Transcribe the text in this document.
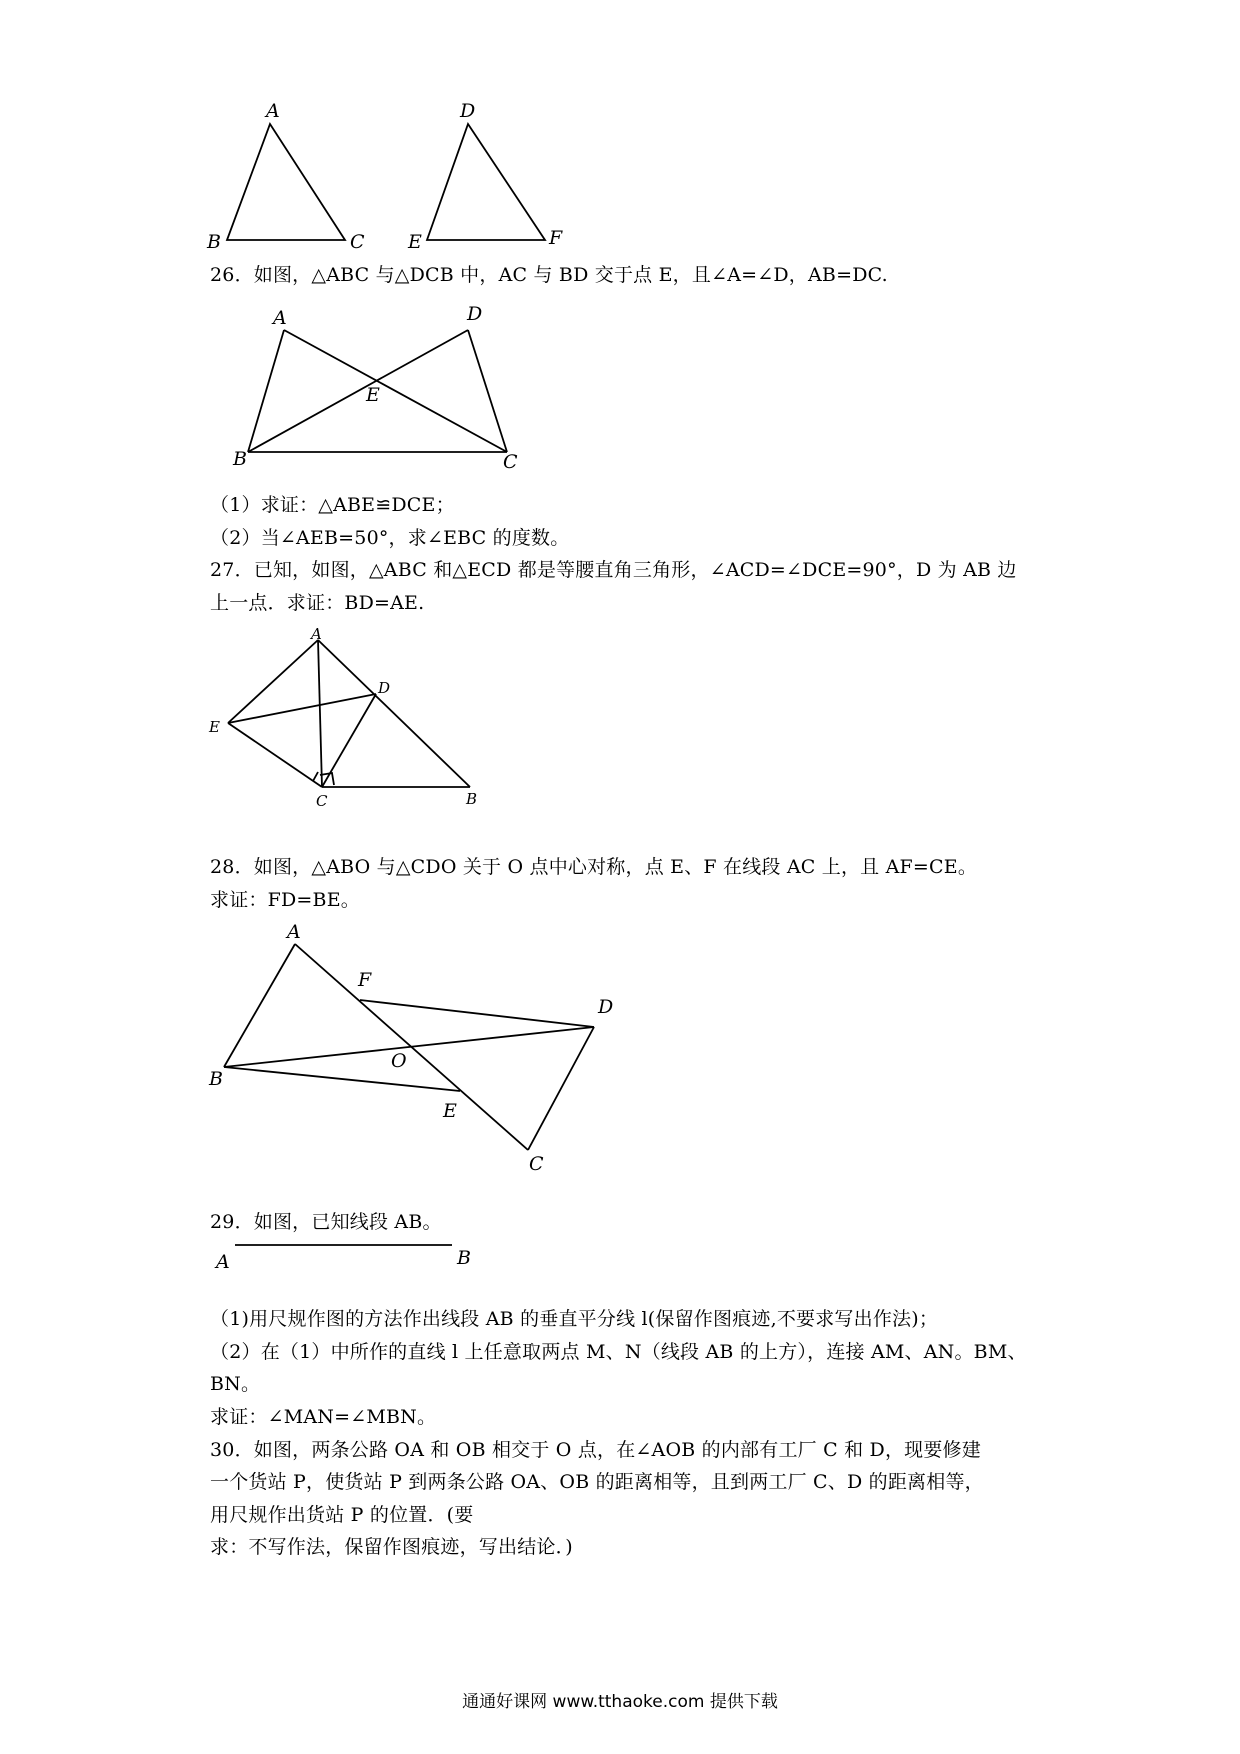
A
B	C
D
E	F
26．如图，△ABC 与△DCB 中，AC 与 BD 交于点 E，且∠A=∠D，AB=DC.
A	D
E
B	C
（1）求证：△ABE≌DCE；
（2）当∠AEB=50°，求∠EBC 的度数。
27．已知，如图，△ABC 和△ECD 都是等腰直角三角形，∠ACD=∠DCE=90°，D 为 AB 边
上一点．求证：BD=AE.
A
D
E
C	B
28．如图，△ABO 与△CDO 关于 O 点中心对称，点 E、F 在线段 AC 上，且 AF=CE。
求证：FD=BE。
A
F
D
O
B
E
C
29．如图，已知线段 AB。
A	B
（1)用尺规作图的方法作出线段 AB 的垂直平分线 l(保留作图痕迹,不要求写出作法)；
（2）在（1）中所作的直线 l 上任意取两点 M、N（线段 AB 的上方），连接 AM、AN。BM、
BN。
求证：∠MAN=∠MBN。
30．如图，两条公路 OA 和 OB 相交于 O 点，在∠AOB 的内部有工厂 C 和 D，现要修建
一个货站 P，使货站 P 到两条公路 OA、OB 的距离相等，且到两工厂 C、D 的距离相等，
用尺规作出货站 P 的位置．(要
求：不写作法，保留作图痕迹，写出结论．)
通通好课网 www.tthaoke.com 提供下载
